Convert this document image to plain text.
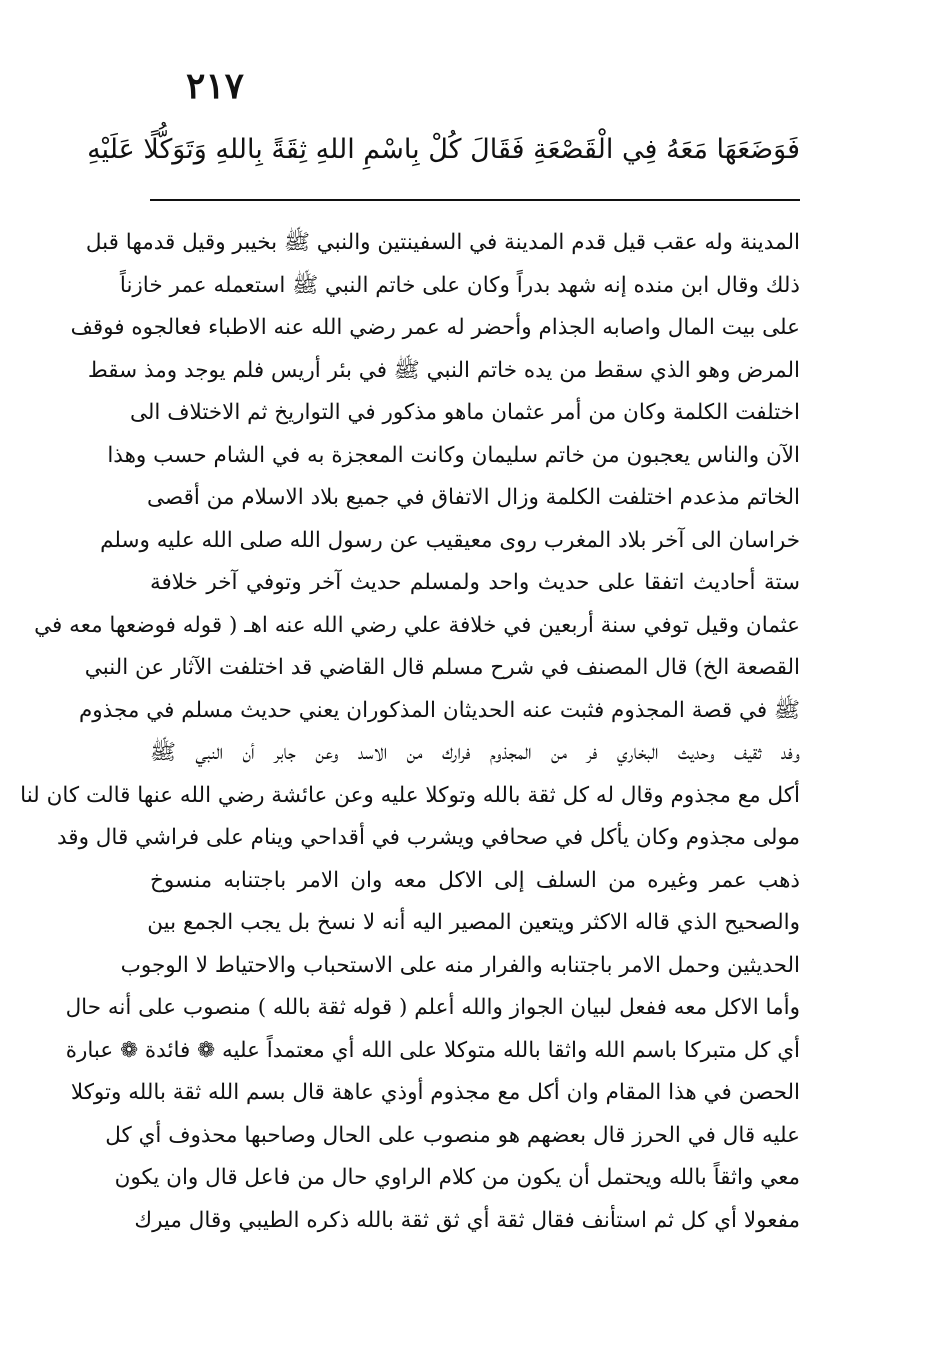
٢١٧
فَوَضَعَهَا مَعَهُ فِي الْقَصْعَةِ فَقَالَ كُلْ بِاسْمِ اللهِ ثِقَةً بِاللهِ وَتَوَكُّلًا عَلَيْهِ
المدينة وله عقب قيل قدم المدينة في السفينتين والنبي ﷺ بخيبر وقيل قدمها قبل
ذلك وقال ابن منده إنه شهد بدراً وكان على خاتم النبي ﷺ استعمله عمر خازناً
على بيت المال واصابه الجذام وأحضر له عمر رضي الله عنه الاطباء فعالجوه فوقف
المرض وهو الذي سقط من يده خاتم النبي ﷺ في بئر أريس فلم يوجد ومذ سقط
اختلفت الكلمة وكان من أمر عثمان ماهو مذكور في التواريخ ثم الاختلاف الى
الآن والناس يعجبون من خاتم سليمان وكانت المعجزة به في الشام حسب وهذا
الخاتم مذعدم اختلفت الكلمة وزال الاتفاق في جميع بلاد الاسلام من أقصى
خراسان الى آخر بلاد المغرب روى معيقيب عن رسول الله صلى الله عليه وسلم
ستة أحاديث اتفقا على حديث واحد ولمسلم حديث آخر وتوفي آخر خلافة
عثمان وقيل توفي سنة أربعين في خلافة علي رضي الله عنه اهـ ( قوله فوضعها معه في
القصعة الخ) قال المصنف في شرح مسلم قال القاضي قد اختلفت الآثار عن النبي
ﷺ في قصة المجذوم فثبت عنه الحديثان المذكوران يعني حديث مسلم في مجذوم
وفد ثقيف وحديث البخاري فر من المجذوم فرارك من الاسد وعن جابر أن النبي ﷺ
أكل مع مجذوم وقال له كل ثقة بالله وتوكلا عليه وعن عائشة رضي الله عنها قالت كان لنا
مولى مجذوم وكان يأكل في صحافي ويشرب في أقداحي وينام على فراشي قال وقد
ذهب عمر وغيره من السلف إلى الاكل معه وان الامر باجتنابه منسوخ
والصحيح الذي قاله الاكثر ويتعين المصير اليه أنه لا نسخ بل يجب الجمع بين
الحديثين وحمل الامر باجتنابه والفرار منه على الاستحباب والاحتياط لا الوجوب
وأما الاكل معه ففعل لبيان الجواز والله أعلم ( قوله ثقة بالله ) منصوب على أنه حال
أي كل متبركا باسم الله واثقا بالله متوكلا على الله أي معتمداً عليه ❁ فائدة ❁ عبارة
الحصن في هذا المقام وان أكل مع مجذوم أوذي عاهة قال بسم الله ثقة بالله وتوكلا
عليه قال في الحرز قال بعضهم هو منصوب على الحال وصاحبها محذوف أي كل
معي واثقاً بالله ويحتمل أن يكون من كلام الراوي حال من فاعل قال وان يكون
مفعولا أي كل ثم استأنف فقال ثقة أي ثق ثقة بالله ذكره الطيبي وقال ميرك
